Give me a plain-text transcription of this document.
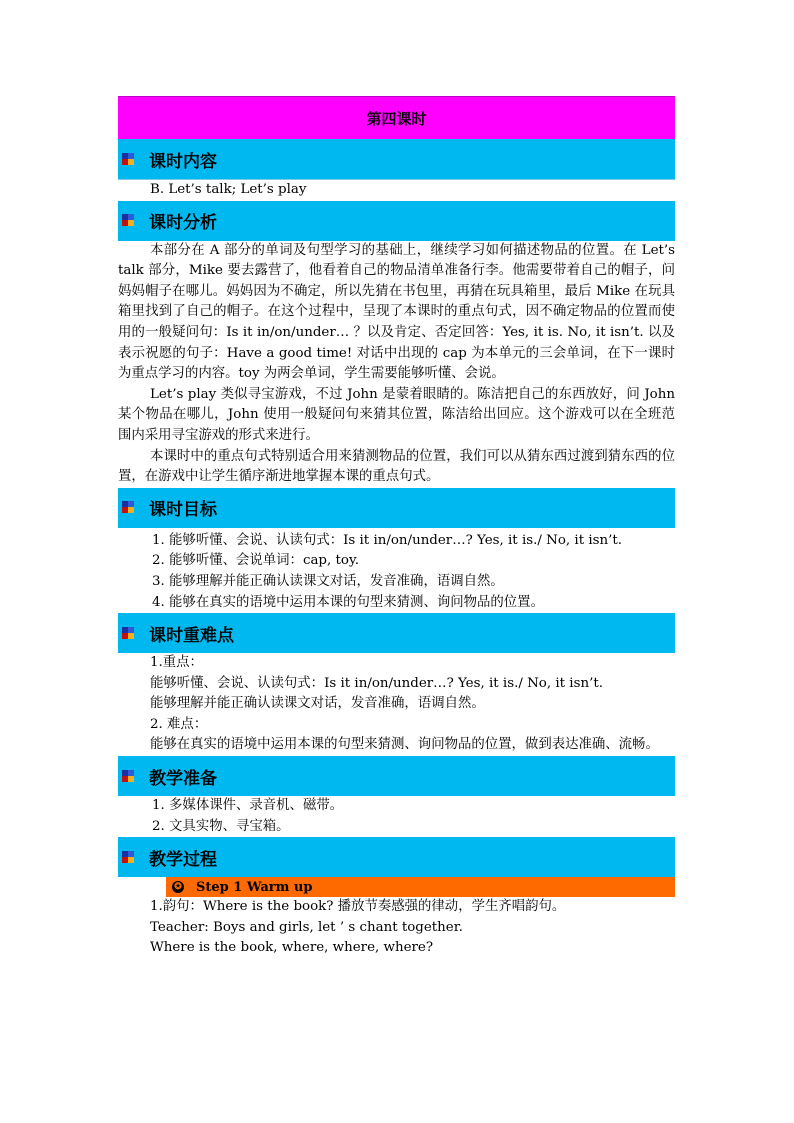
第四课时
课时内容
B. Let’s talk; Let’s play
课时分析
本部分在 A 部分的单词及句型学习的基础上，继续学习如何描述物品的位置。在 Let’s talk 部分，Mike 要去露营了，他看着自己的物品清单准备行李。他需要带着自己的帽子，问妈妈帽子在哪儿。妈妈因为不确定，所以先猜在书包里，再猜在玩具箱里，最后 Mike 在玩具箱里找到了自己的帽子。在这个过程中，呈现了本课时的重点句式，因不确定物品的位置而使用的一般疑问句：Is it in/on/under… ？以及肯定、否定回答：Yes, it is. No, it isn’t. 以及表示祝愿的句子：Have a good time! 对话中出现的 cap 为本单元的三会单词，在下一课时为重点学习的内容。toy 为两会单词，学生需要能够听懂、会说。
Let’s play 类似寻宝游戏，不过 John 是蒙着眼睛的。陈洁把自己的东西放好，问 John 某个物品在哪儿，John 使用一般疑问句来猜其位置，陈洁给出回应。这个游戏可以在全班范围内采用寻宝游戏的形式来进行。
本课时中的重点句式特别适合用来猜测物品的位置，我们可以从猜东西过渡到猜东西的位置，在游戏中让学生循序渐进地掌握本课的重点句式。
课时目标
1. 能够听懂、会说、认读句式：Is it in/on/under…? Yes, it is./ No, it isn’t.
2. 能够听懂、会说单词：cap, toy.
3. 能够理解并能正确认读课文对话，发音准确，语调自然。
4. 能够在真实的语境中运用本课的句型来猜测、询问物品的位置。
课时重难点
1.重点：
能够听懂、会说、认读句式：Is it in/on/under…? Yes, it is./ No, it isn’t.
能够理解并能正确认读课文对话，发音准确，语调自然。
2. 难点：
能够在真实的语境中运用本课的句型来猜测、询问物品的位置，做到表达准确、流畅。
教学准备
1. 多媒体课件、录音机、磁带。
2. 文具实物、寻宝箱。
教学过程
✪ Step 1 Warm up
1.韵句：Where is the book? 播放节奏感强的律动，学生齐唱韵句。
Teacher: Boys and girls, let ’ s chant together.
Where is the book, where, where, where?
